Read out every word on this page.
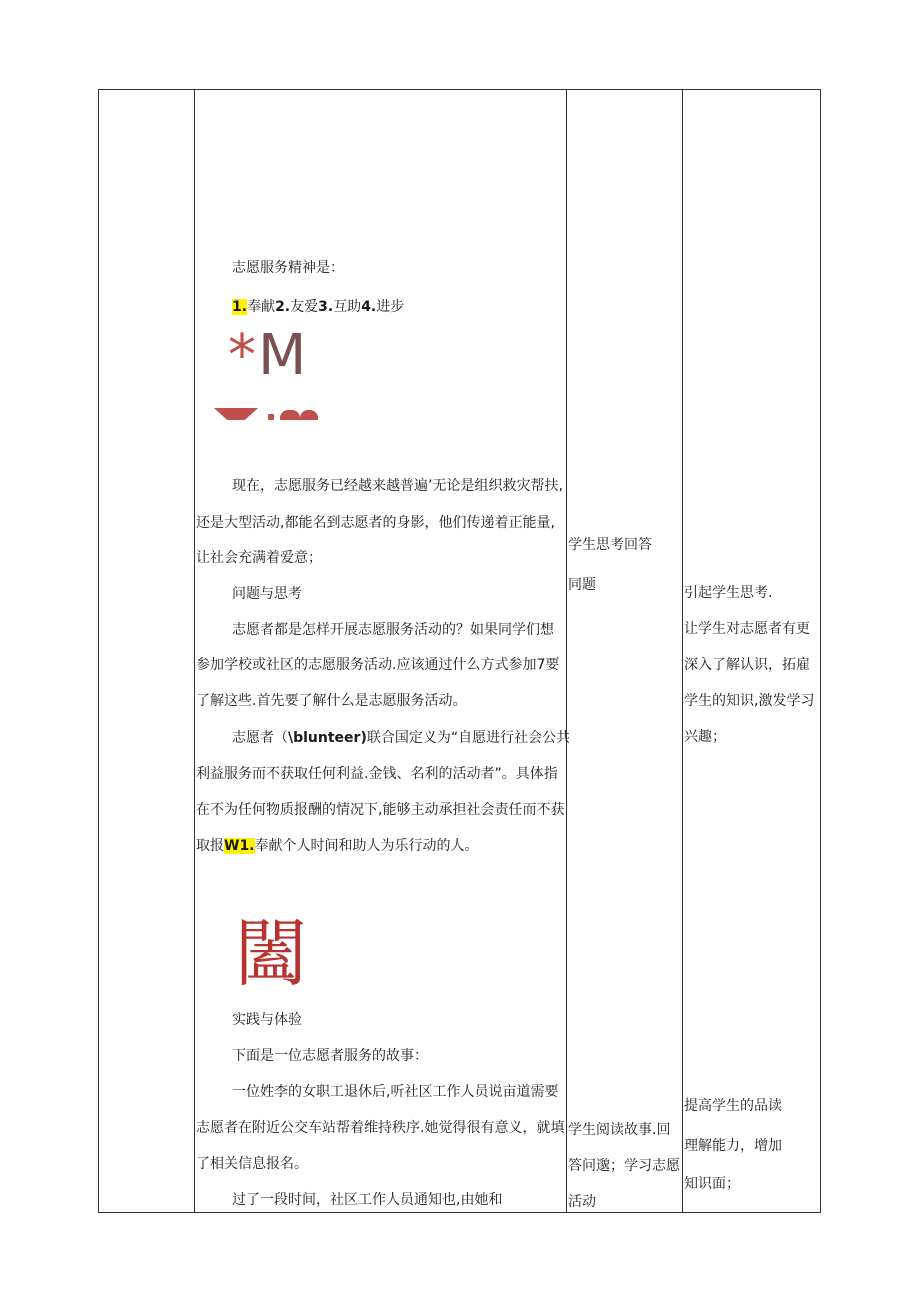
志愿服务精神是：
1.奉献2.友爱3.互助4.进步
*M
现在，志愿服务已经越来越普遍’无论是组织救灾帮扶,
还是大型活动,都能名到志愿者的身影，他们传递着正能量,
让社会充满着爱意；
问题与思考
志愿者都是怎样开展志愿服务活动的？如果同学们想
参加学校或社区的志愿服务活动.应该通过什么方式参加7要
了解这些.首先要了解什么是志愿服务活动。
志愿者（\blunteer)联合国定义为“自愿进行社会公共
利益服务而不获取任何利益.金钱、名利的活动者”。具体指
在不为任何物质报酬的情况下,能够主动承担社会责任而不获
取报W1.奉献个人时间和助人为乐行动的人。
闔
实践与体验
下面是一位志愿者服务的故事：
一位姓李的女职工退休后,听社区工作人员说亩道需要
志愿者在附近公交车站帮着维持秩序.她觉得很有意义，就填
了相关信息报名。
过了一段时间，社区工作人员通知也,由她和
学生思考回答
同题
学生阅读故事.回
答问邈；学习志愿
活动
引起学生思考.
让学生对志愿者有更
深入了解认识，拓雇
学生的知识,激发学习
兴趣；
提高学生的品读
理解能力，增加
知识面；
